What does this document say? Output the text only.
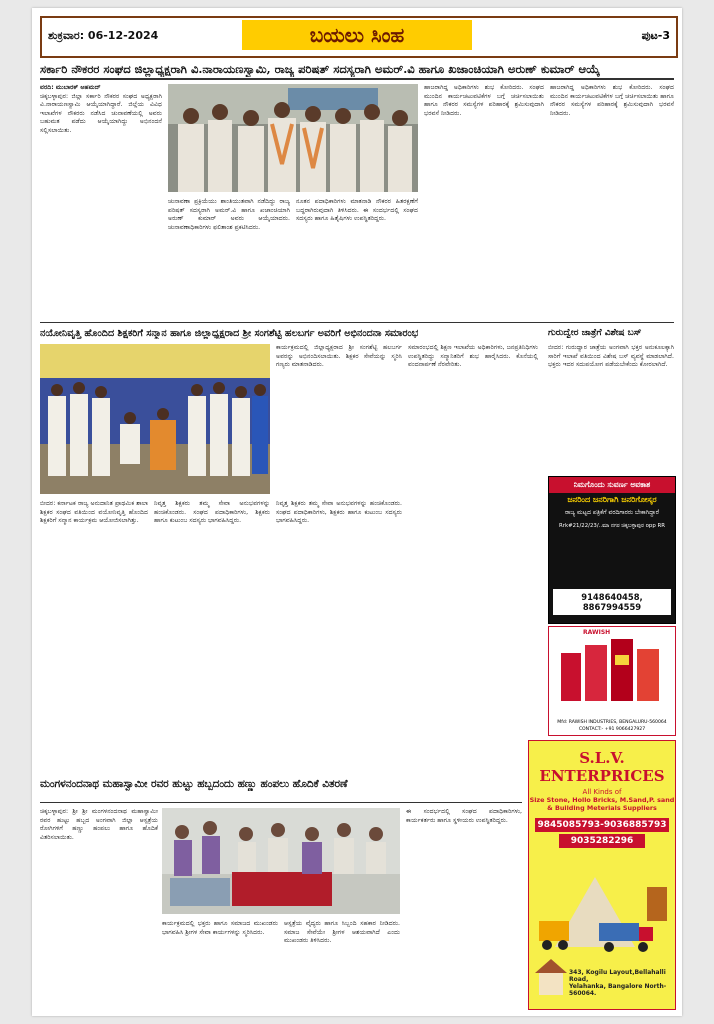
ಶುಕ್ರವಾರ: 06-12-2024	ಬಯಲು ಸಿಂಹ	ಪುಟ-3
ಸರ್ಕಾರಿ ನೌಕರರ ಸಂಘದ ಜಿಲ್ಲಾಧ್ಯಕ್ಷರಾಗಿ ವಿ.ನಾರಾಯಣಸ್ವಾಮಿ, ರಾಜ್ಯ ಪರಿಷತ್ ಸದಸ್ಯರಾಗಿ ಅಮರ್.ವಿ ಹಾಗೂ ಖಜಾಂಚಿಯಾಗಿ ಅರುಣ್ ಕುಮಾರ್ ಆಯ್ಕೆ
ವರದಿ: ಮುಬಾರಕ್ ಅಹಮದ್
ಚಿಕ್ಕಬಳ್ಳಾಪುರ: ಜಿಲ್ಲಾ ಸರ್ಕಾರಿ ನೌಕರರ ಸಂಘದ ಅಧ್ಯಕ್ಷರಾಗಿ ವಿ.ನಾರಾಯಣಸ್ವಾಮಿ ಆಯ್ಕೆಯಾಗಿದ್ದಾರೆ. ಜಿಲ್ಲೆಯ ವಿವಿಧ ಇಲಾಖೆಗಳ ನೌಕರರು ನಡೆಸಿದ ಚುನಾವಣೆಯಲ್ಲಿ ಅವರು ಬಹುಮತ ಪಡೆದು ಆಯ್ಕೆಯಾಗಿದ್ದು ಅಭಿನಂದನೆ ಸಲ್ಲಿಸಲಾಯಿತು.
ಚುನಾವಣಾ ಪ್ರಕ್ರಿಯೆಯು ಶಾಂತಿಯುತವಾಗಿ ನಡೆದಿದ್ದು ರಾಜ್ಯ ಪರಿಷತ್ ಸದಸ್ಯರಾಗಿ ಅಮರ್.ವಿ ಹಾಗೂ ಖಜಾಂಚಿಯಾಗಿ ಅರುಣ್ ಕುಮಾರ್ ಅವರು ಆಯ್ಕೆಯಾದರು. ಚುನಾವಣಾಧಿಕಾರಿಗಳು ಫಲಿತಾಂಶ ಪ್ರಕಟಿಸಿದರು.
ನೂತನ ಪದಾಧಿಕಾರಿಗಳು ಮಾತನಾಡಿ ನೌಕರರ ಹಿತರಕ್ಷಣೆಗೆ ಬದ್ಧರಾಗಿರುವುದಾಗಿ ತಿಳಿಸಿದರು. ಈ ಸಂದರ್ಭದಲ್ಲಿ ಸಂಘದ ಸದಸ್ಯರು ಹಾಗೂ ಹಿತೈಷಿಗಳು ಉಪಸ್ಥಿತರಿದ್ದರು.
ಹಾಜರಾಗಿದ್ದ ಅಧಿಕಾರಿಗಳು ಶುಭ ಕೋರಿದರು. ಸಂಘದ ಮುಂದಿನ ಕಾರ್ಯಚಟುವಟಿಕೆಗಳ ಬಗ್ಗೆ ಚರ್ಚಿಸಲಾಯಿತು ಹಾಗೂ ನೌಕರರ ಸಮಸ್ಯೆಗಳ ಪರಿಹಾರಕ್ಕೆ ಶ್ರಮಿಸುವುದಾಗಿ ಭರವಸೆ ನೀಡಿದರು.
ಹಾಜರಾಗಿದ್ದ ಅಧಿಕಾರಿಗಳು ಶುಭ ಕೋರಿದರು. ಸಂಘದ ಮುಂದಿನ ಕಾರ್ಯಚಟುವಟಿಕೆಗಳ ಬಗ್ಗೆ ಚರ್ಚಿಸಲಾಯಿತು ಹಾಗೂ ನೌಕರರ ಸಮಸ್ಯೆಗಳ ಪರಿಹಾರಕ್ಕೆ ಶ್ರಮಿಸುವುದಾಗಿ ಭರವಸೆ ನೀಡಿದರು.
ನಯೋನಿವೃತ್ತಿ ಹೊಂದಿದ ಶಿಕ್ಷಕರಿಗೆ ಸನ್ಮಾನ ಹಾಗೂ ಜಿಲ್ಲಾಧ್ಯಕ್ಷರಾದ ಶ್ರೀ ಸಂಗಶೆಟ್ಟಿ ಹಲಬರ್ಗ ಅವರಿಗೆ ಅಭಿನಂದನಾ ಸಮಾರಂಭ
ಕಾರ್ಯಕ್ರಮದಲ್ಲಿ ಜಿಲ್ಲಾಧ್ಯಕ್ಷರಾದ ಶ್ರೀ ಸಂಗಶೆಟ್ಟಿ ಹಲಬರ್ಗ ಅವರನ್ನು ಅಭಿನಂದಿಸಲಾಯಿತು. ಶಿಕ್ಷಕರ ಸೇವೆಯನ್ನು ಸ್ಮರಿಸಿ ಗಣ್ಯರು ಮಾತನಾಡಿದರು.
ಸಮಾರಂಭದಲ್ಲಿ ಶಿಕ್ಷಣ ಇಲಾಖೆಯ ಅಧಿಕಾರಿಗಳು, ಜನಪ್ರತಿನಿಧಿಗಳು ಉಪಸ್ಥಿತರಿದ್ದು ಸನ್ಮಾನಿತರಿಗೆ ಶುಭ ಹಾರೈಸಿದರು. ಕೊನೆಯಲ್ಲಿ ವಂದನಾರ್ಪಣೆ ನೆರವೇರಿತು.
ಬೀದರ: ಕರ್ನಾಟಕ ರಾಜ್ಯ ಅನುದಾನಿತ ಪ್ರಾಥಮಿಕ ಶಾಲಾ ಶಿಕ್ಷಕರ ಸಂಘದ ವತಿಯಿಂದ ವಯೋನಿವೃತ್ತಿ ಹೊಂದಿದ ಶಿಕ್ಷಕರಿಗೆ ಸನ್ಮಾನ ಕಾರ್ಯಕ್ರಮ ಆಯೋಜಿಸಲಾಗಿತ್ತು.
ನಿವೃತ್ತ ಶಿಕ್ಷಕರು ತಮ್ಮ ಸೇವಾ ಅನುಭವಗಳನ್ನು ಹಂಚಿಕೊಂಡರು. ಸಂಘದ ಪದಾಧಿಕಾರಿಗಳು, ಶಿಕ್ಷಕರು ಹಾಗೂ ಕುಟುಂಬ ಸದಸ್ಯರು ಭಾಗವಹಿಸಿದ್ದರು.
ನಿವೃತ್ತ ಶಿಕ್ಷಕರು ತಮ್ಮ ಸೇವಾ ಅನುಭವಗಳನ್ನು ಹಂಚಿಕೊಂಡರು. ಸಂಘದ ಪದಾಧಿಕಾರಿಗಳು, ಶಿಕ್ಷಕರು ಹಾಗೂ ಕುಟುಂಬ ಸದಸ್ಯರು ಭಾಗವಹಿಸಿದ್ದರು.
ಗುರುದ್ವೇರ ಜಾತ್ರೆಗೆ ವಿಶೇಷ ಬಸ್
ಬೀದರ: ಗುರುದ್ವಾರ ಜಾತ್ರೆಯ ಅಂಗವಾಗಿ ಭಕ್ತರ ಅನುಕೂಲಕ್ಕಾಗಿ ಸಾರಿಗೆ ಇಲಾಖೆ ವತಿಯಿಂದ ವಿಶೇಷ ಬಸ್ ವ್ಯವಸ್ಥೆ ಮಾಡಲಾಗಿದೆ. ಭಕ್ತರು ಇದರ ಸದುಪಯೋಗ ಪಡೆಯಬೇಕೆಂದು ಕೋರಲಾಗಿದೆ.
ನಿಮಗೊಂದು ಸುವರ್ಣ ಅವಕಾಶ
ಜನರಿಂದ ಜನರಿಗಾಗಿ ಜನರಿಗೋಸ್ಕರ
ರಾಜ್ಯ ಮಟ್ಟದ ಪತ್ರಿಕೆಗೆ ವರದಿಗಾರರು ಬೇಕಾಗಿದ್ದಾರೆ
Rrk#21/22/23/..ಮಾ ನಗರ ಚಿಕ್ಕಬಳ್ಳಾಪುರ opp RR
9148640458, 8867994559
RAWISH
Mfd: RAWISH INDUSTRIES, BENGALURU-560064
CONTACT:- +91 9066427927
S.L.V. ENTERPRICES
All Kinds of
Size Stone, Hollo Bricks, M.Sand,P. sand
& Building Meterials Suppliers
9845085793-9036885793
9035282296
343, Kogilu Layout,Bellahalli Road,
Yelahanka, Bangalore North-560064.
ಮಂಗಳನಂದನಾಥ ಮಹಾಸ್ವಾಮೀ ರವರ ಹುಟ್ಟು ಹಬ್ಬದಂದು ಹಣ್ಣು ಹಂಪಲು ಹೊದಿಕೆ ವಿತರಣೆ
ಚಿಕ್ಕಬಳ್ಳಾಪುರ: ಶ್ರೀ ಶ್ರೀ ಮಂಗಳನಂದನಾಥ ಮಹಾಸ್ವಾಮೀ ರವರ ಹುಟ್ಟು ಹಬ್ಬದ ಅಂಗವಾಗಿ ಜಿಲ್ಲಾ ಆಸ್ಪತ್ರೆಯ ರೋಗಿಗಳಿಗೆ ಹಣ್ಣು ಹಂಪಲು ಹಾಗೂ ಹೊದಿಕೆ ವಿತರಿಸಲಾಯಿತು.
ಕಾರ್ಯಕ್ರಮದಲ್ಲಿ ಭಕ್ತರು ಹಾಗೂ ಸಮಾಜದ ಮುಖಂಡರು ಭಾಗವಹಿಸಿ ಶ್ರೀಗಳ ಸೇವಾ ಕಾರ್ಯಗಳನ್ನು ಸ್ಮರಿಸಿದರು.
ಆಸ್ಪತ್ರೆಯ ವೈದ್ಯರು ಹಾಗೂ ಸಿಬ್ಬಂದಿ ಸಹಕಾರ ನೀಡಿದರು. ಸಮಾಜ ಸೇವೆಯೇ ಶ್ರೀಗಳ ಆಶಯವಾಗಿದೆ ಎಂದು ಮುಖಂಡರು ತಿಳಿಸಿದರು.
ಈ ಸಂದರ್ಭದಲ್ಲಿ ಸಂಘದ ಪದಾಧಿಕಾರಿಗಳು, ಕಾರ್ಯಕರ್ತರು ಹಾಗೂ ಸ್ಥಳೀಯರು ಉಪಸ್ಥಿತರಿದ್ದರು.
